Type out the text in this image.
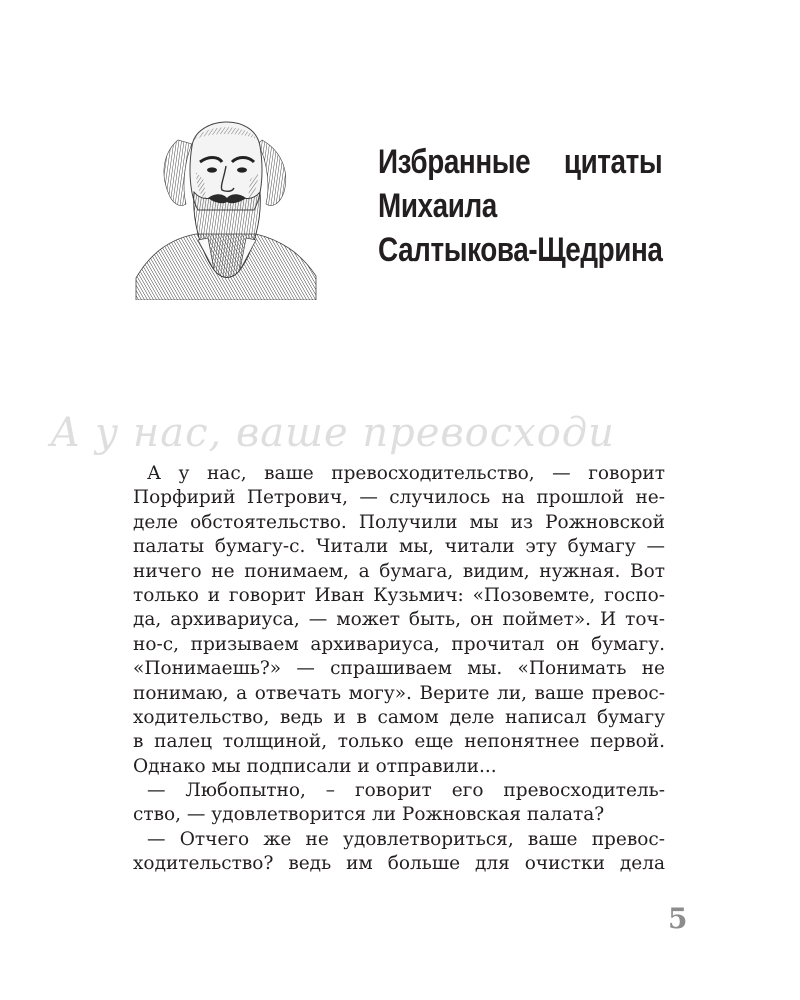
Избранные цитаты
Михаила
Салтыкова-Щедрина

А у нас, ваше превосходи

А у нас, ваше превосходительство, — говорит
Порфирий Петрович, — случилось на прошлой не-
деле обстоятельство. Получили мы из Рожновской
палаты бумагу-с. Читали мы, читали эту бумагу —
ничего не понимаем, а бумага, видим, нужная. Вот
только и говорит Иван Кузьмич: «Позовемте, госпо-
да, архивариуса, — может быть, он поймет». И точ-
но-с, призываем архивариуса, прочитал он бумагу.
«Понимаешь?» — спрашиваем мы. «Понимать не
понимаю, а отвечать могу». Верите ли, ваше превос-
ходительство, ведь и в самом деле написал бумагу
в палец толщиной, только еще непонятнее первой.
Однако мы подписали и отправили...
— Любопытно, – говорит его превосходитель-
ство, — удовлетворится ли Рожновская палата?
— Отчего же не удовлетвориться, ваше превос-
ходительство? ведь им больше для очистки дела
5
